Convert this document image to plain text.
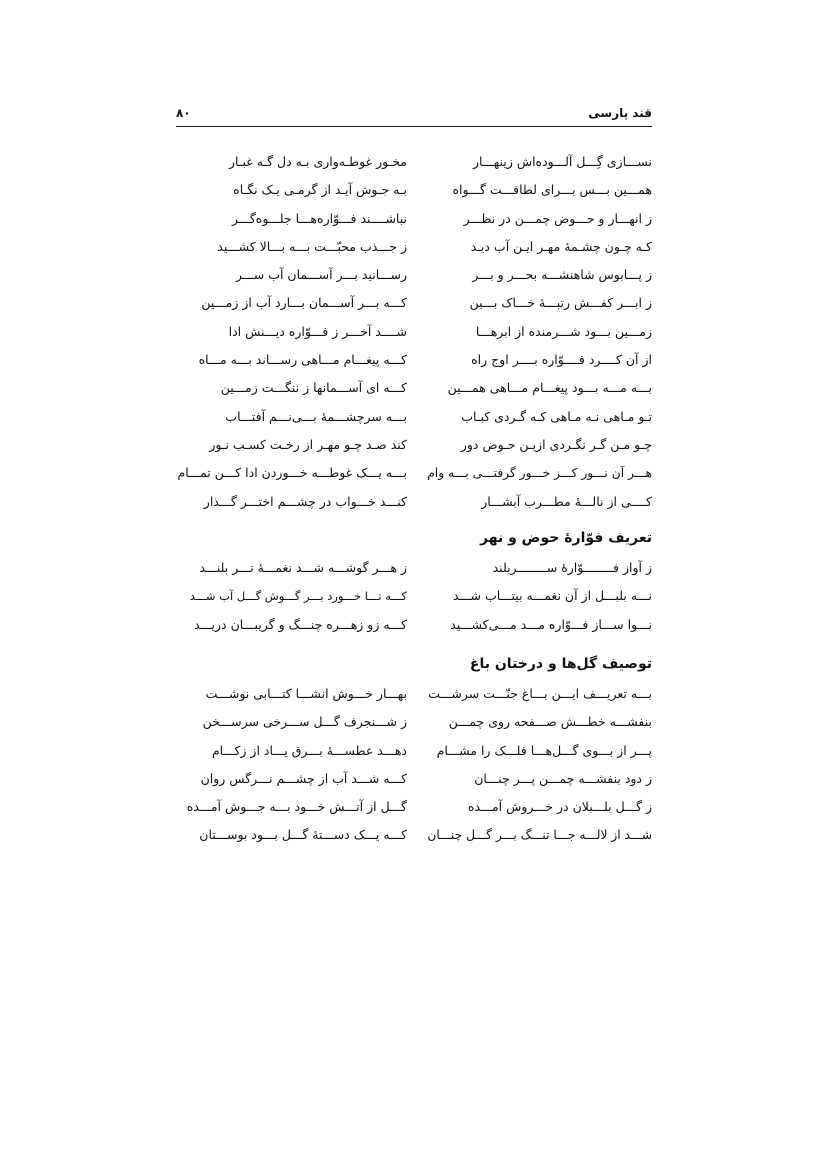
قند پارسی
۸۰
نســـازی گِـــل آلـــوده‌اش زینهـــار
مخـور غوطـه‌واری بـه دل گـه غبـار
همـــین بـــس بـــرای لطافـــت گـــواه
بـه جـوش آیـد از گرمـی یـک نگـاه
ز انهـــار و حـــوض چمـــن در نظـــر
نباشــــند فـــوّاره‌هـــا جلـــوه‌گـــر
کـه چـون چشـمهٔ مهـر ایـن آب دیـد
ز جـــذب محبّـــت بـــه بـــالا کشـــید
ز پـــابوس شاهنشـــه بحـــر و بـــر
رســـانید بـــر آســـمان آب ســـر
ز ابـــر کفـــش رتبـــهٔ خـــاک بـــین
کـــه بـــر آســـمان بـــارد آب از زمـــین
زمـــین بـــود شـــرمنده از ابرهـــا
شــــد آخـــر ز فـــوّاره دیـــنش ادا
از آن کــــرد فــــوّاره بــــر اوج راه
کـــه پیغـــام مـــاهی رســـاند بـــه مـــاه
بـــه مـــه بـــود پیغـــام مـــاهی همـــین
کـــه ای آســـمانها ز ننگـــت زمـــین
تـو مـاهی نـه مـاهی کـه گـردی کبـاب
بـــه سرچشـــمهٔ بـــی‌نـــم آفتـــاب
چـو مـن گـر نگـردی ازیـن حـوض دور
کند صـد چـو مهـر از رخـت کسـب نـور
هـــر آن نـــور کـــز خـــور گرفتـــی بـــه وام
بـــه یـــک غوطـــه خـــوردن ادا کـــن تمـــام
کــــی از نالـــهٔ مطـــرب آبشـــار
کنـــد خـــواب در چشـــم اختـــر گـــذار
تعریف فوّارهٔ حوض و نهر
ز آواز فــــــــوّارهٔ ســــــــربلند
ز هـــر گوشـــه شـــد نغمـــهٔ تـــر بلنـــد
نـــه بلبـــل از آن نغمـــه بیتـــاب شـــد
کـــه تـــا خـــورد بـــر گـــوش گـــل آب شـــد
نـــوا ســـاز فـــوّاره مـــد مـــی‌کشـــید
کـــه زو زهـــره چنـــگ و گریبـــان دریـــد
توصیف گل‌ها و درختان باغ
بـــه تعریـــف ایـــن بـــاغ جنّـــت سرشـــت
بهـــار خـــوش انشـــا کتـــابی نوشـــت
بنفشـــه خطـــش صـــفحه روی چمـــن
ز شـــنجرف گـــل ســـرخی سرســـخن
پـــر از بـــوی گـــل‌هـــا فلـــک را مشـــام
دهـــد عطســـهٔ بـــرق یـــاد از زکـــام
ز دود بنفشـــه چمـــن پـــر چنـــان
کـــه شـــد آب از چشـــم نـــرگس روان
ز گـــل بلـــبلان در خـــروش آمـــده
گـــل از آتـــش خـــود بـــه جـــوش آمـــده
شـــد از لالـــه جـــا تنـــگ بـــر گـــل چنـــان
کـــه یـــک دســـتهٔ گـــل بـــود بوســـتان
